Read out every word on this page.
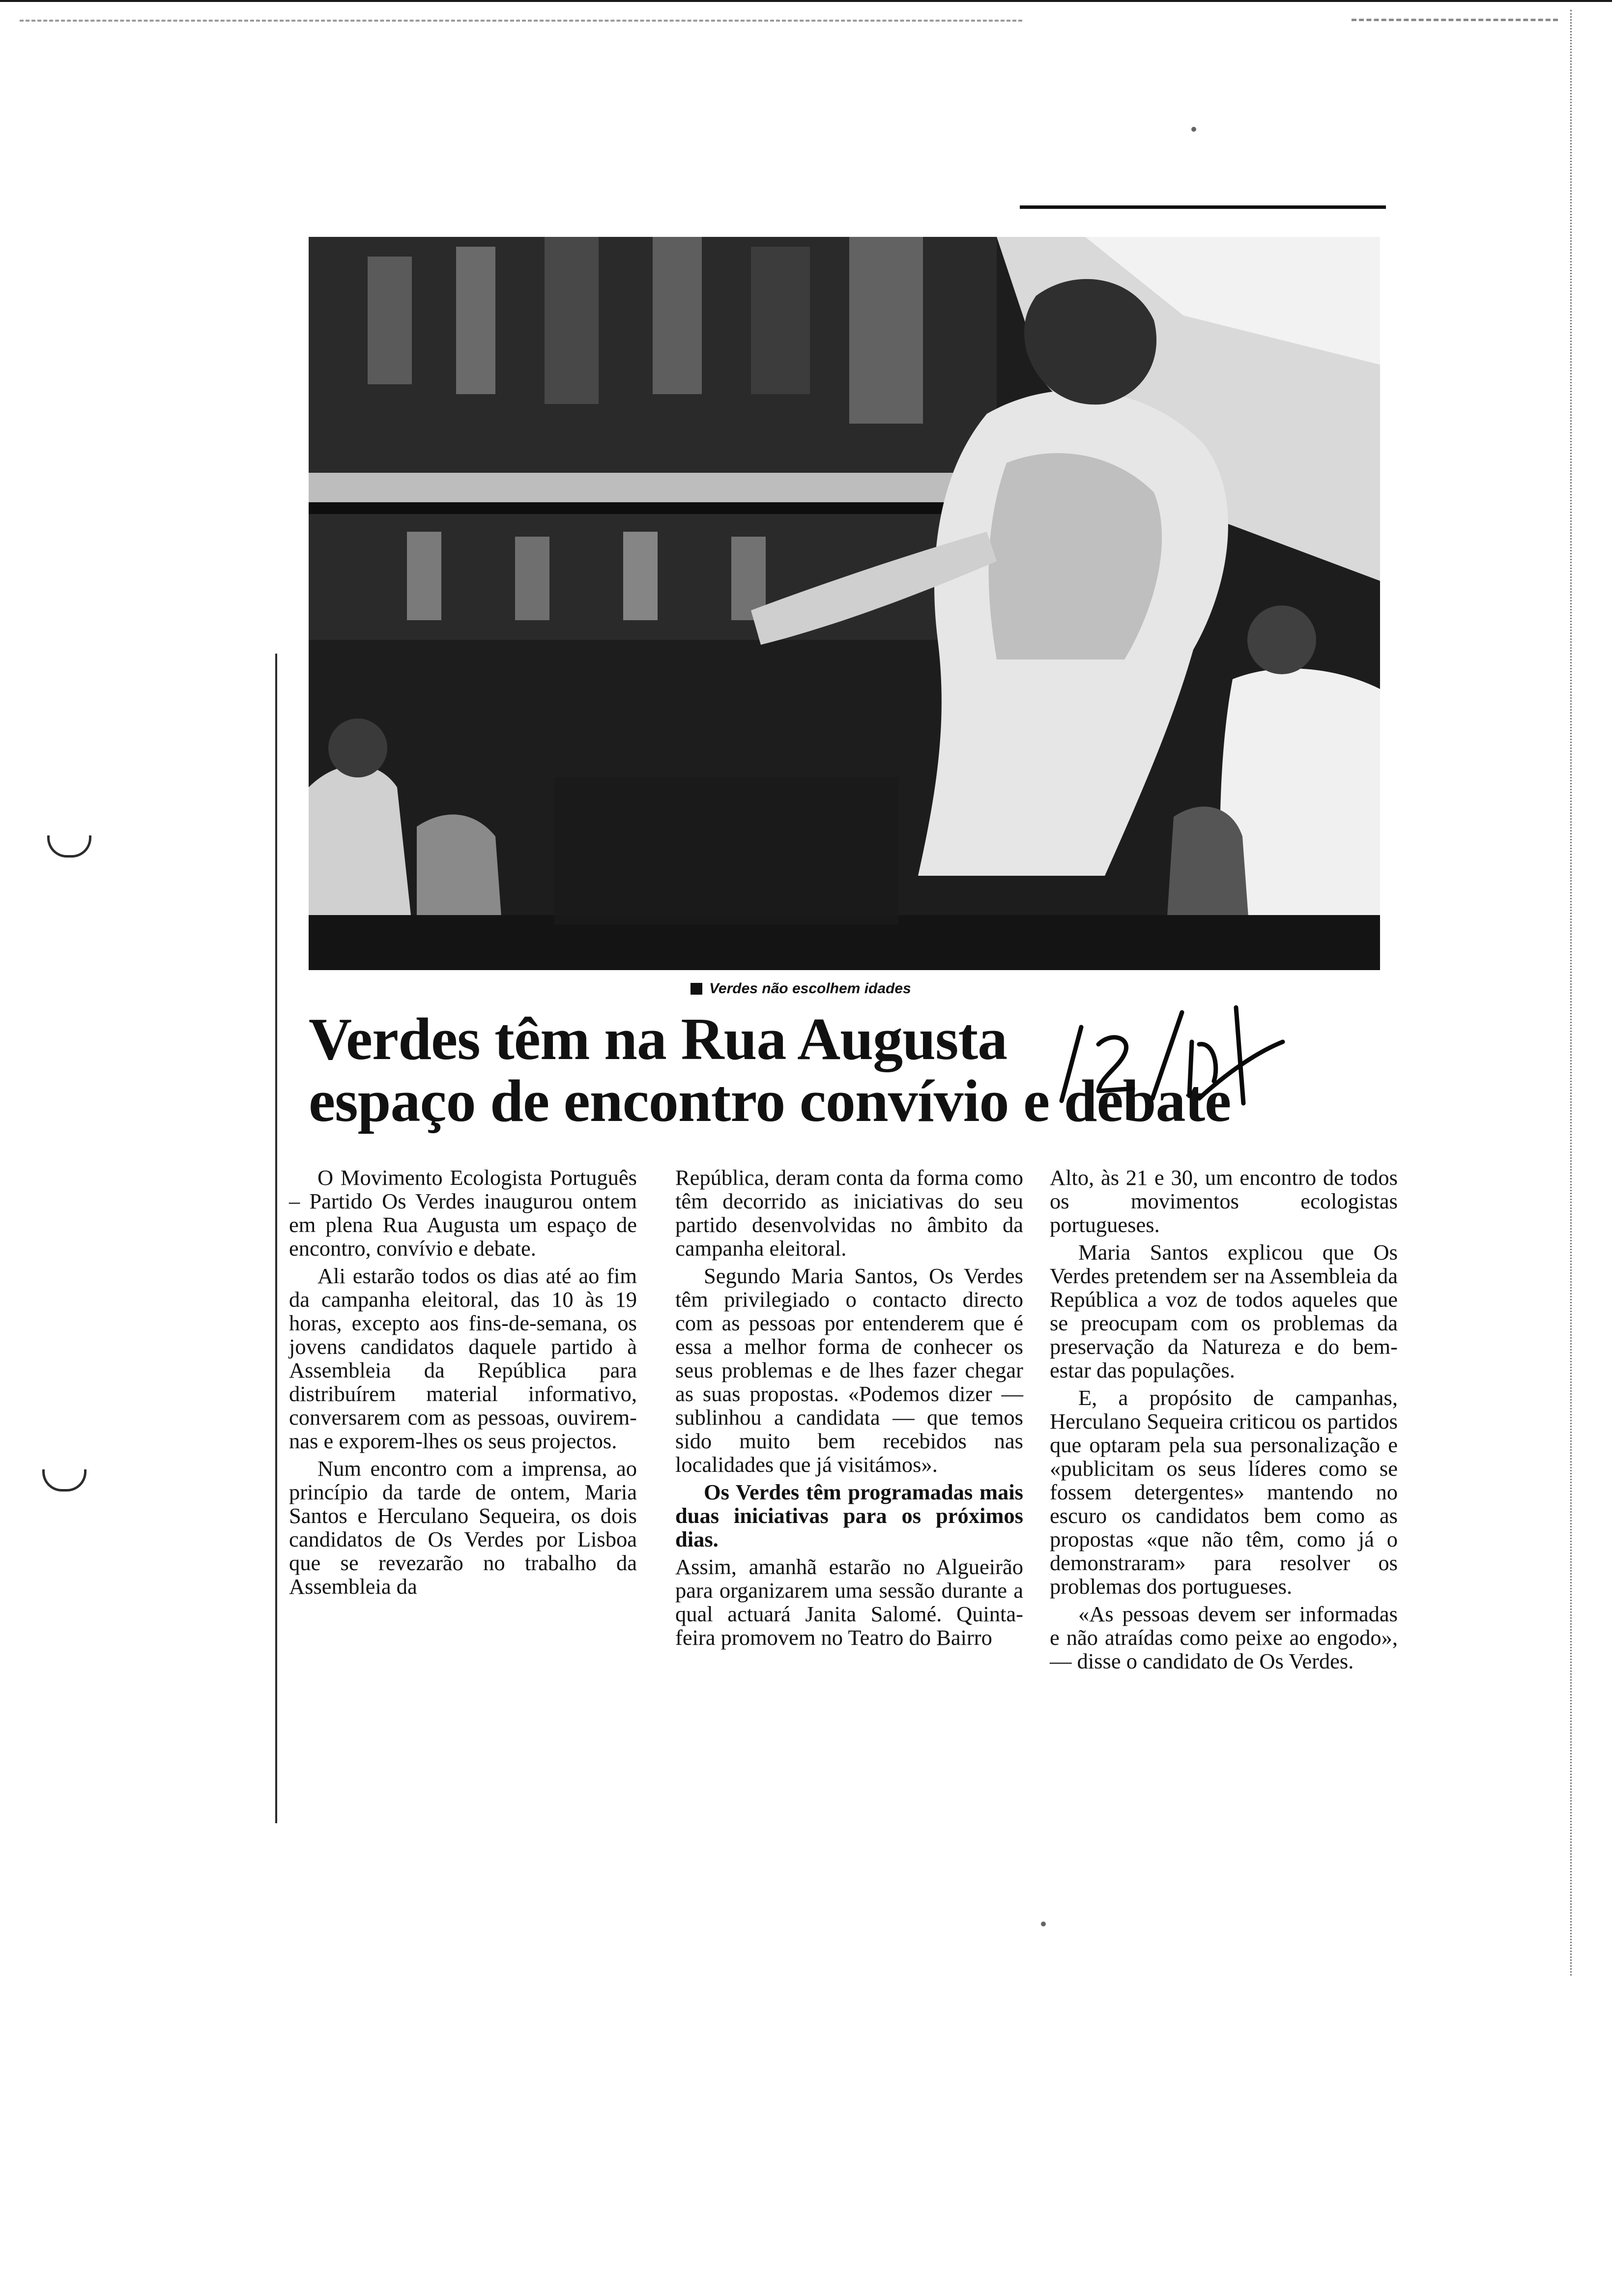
Verdes não escolhem idades
Verdes têm na Rua Augusta
espaço de encontro convívio e debate

O Movimento Ecologista Português – Partido Os Verdes inaugurou ontem em plena Rua Augusta um espaço de encontro, convívio e debate.

Ali estarão todos os dias até ao fim da campanha eleitoral, das 10 às 19 horas, excepto aos fins-de-semana, os jovens candidatos daquele partido à Assembleia da República para distribuírem material informativo, conversarem com as pessoas, ouvirem-nas e exporem-lhes os seus projectos.

Num encontro com a imprensa, ao princípio da tarde de ontem, Maria Santos e Herculano Sequeira, os dois candidatos de Os Verdes por Lisboa que se revezarão no trabalho da Assembleia da

República, deram conta da forma como têm decorrido as iniciativas do seu partido desenvolvidas no âmbito da campanha eleitoral.

Segundo Maria Santos, Os Verdes têm privilegiado o contacto directo com as pessoas por entenderem que é essa a melhor forma de conhecer os seus problemas e de lhes fazer chegar as suas propostas. «Podemos dizer — sublinhou a candidata — que temos sido muito bem recebidos nas localidades que já visitámos».

Os Verdes têm programadas mais duas iniciativas para os próximos dias.

Assim, amanhã estarão no Algueirão para organizarem uma sessão durante a qual actuará Janita Salomé. Quinta-feira promovem no Teatro do Bairro

Alto, às 21 e 30, um encontro de todos os movimentos ecologistas portugueses.

Maria Santos explicou que Os Verdes pretendem ser na Assembleia da República a voz de todos aqueles que se preocupam com os problemas da preservação da Natureza e do bem-estar das populações.

E, a propósito de campanhas, Herculano Sequeira criticou os partidos que optaram pela sua personalização e «publicitam os seus líderes como se fossem detergentes» mantendo no escuro os candidatos bem como as propostas «que não têm, como já o demonstraram» para resolver os problemas dos portugueses.

«As pessoas devem ser informadas e não atraídas como peixe ao engodo», — disse o candidato de Os Verdes.
